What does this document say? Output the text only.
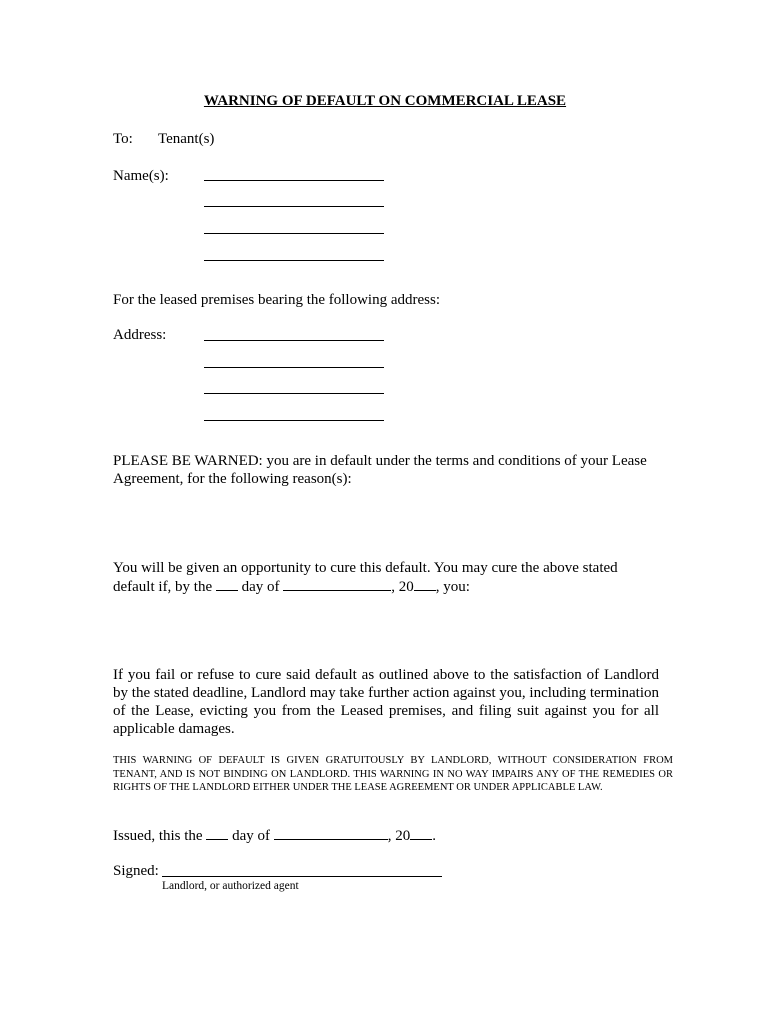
WARNING OF DEFAULT ON COMMERCIAL LEASE
To: Tenant(s)
Name(s):
For the leased premises bearing the following address:
Address:
PLEASE BE WARNED: you are in default under the terms and conditions of your Lease Agreement, for the following reason(s):
You will be given an opportunity to cure this default. You may cure the above stated
default if, by the day of	, 20 , you:
If you fail or refuse to cure said default as outlined above to the satisfaction of Landlord by the stated deadline, Landlord may take further action against you, including termination of the Lease, evicting you from the Leased premises, and filing suit against you for all applicable damages.
THIS WARNING OF DEFAULT IS GIVEN GRATUITOUSLY BY LANDLORD, WITHOUT CONSIDERATION FROM TENANT, AND IS NOT BINDING ON LANDLORD. THIS WARNING IN NO WAY IMPAIRS ANY OF THE REMEDIES OR RIGHTS OF THE LANDLORD EITHER UNDER THE LEASE AGREEMENT OR UNDER APPLICABLE LAW.
Issued, this the day of	, 20 .
Signed:
Landlord, or authorized agent
